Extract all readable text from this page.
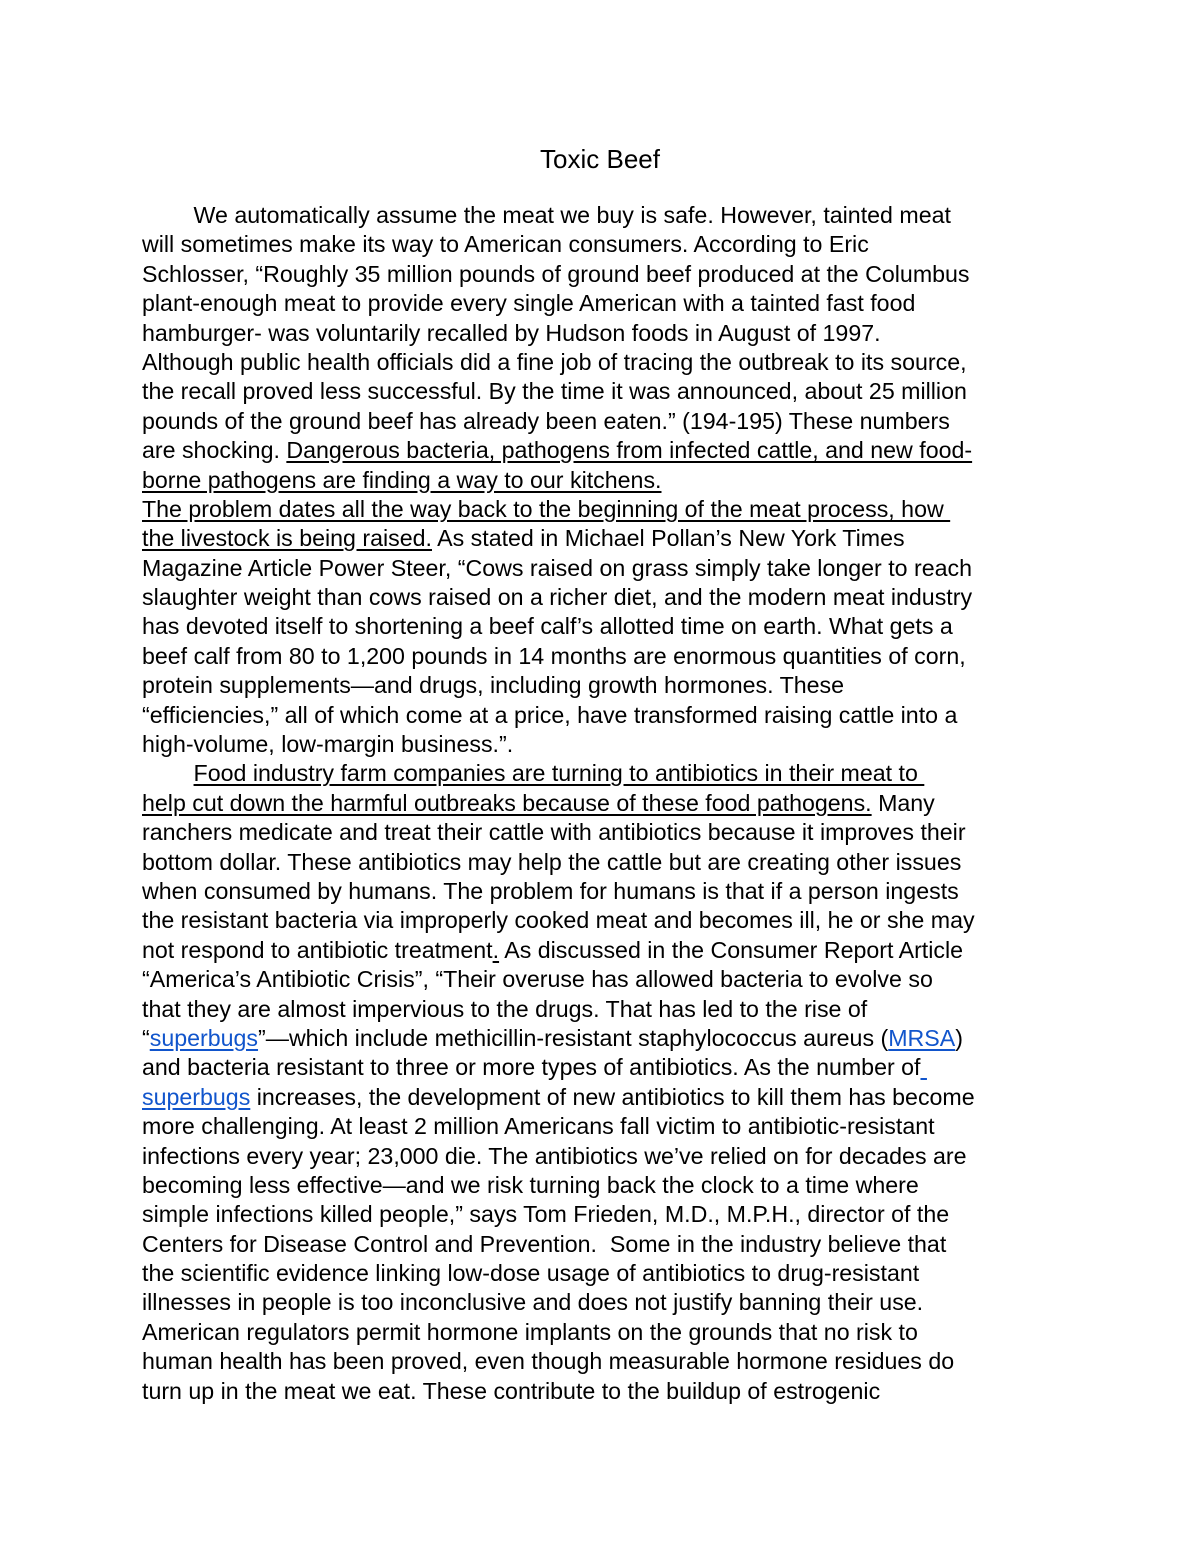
Toxic Beef
We automatically assume the meat we buy is safe. However, tainted meat
will sometimes make its way to American consumers. According to Eric
Schlosser, “Roughly 35 million pounds of ground beef produced at the Columbus
plant-enough meat to provide every single American with a tainted fast food
hamburger- was voluntarily recalled by Hudson foods in August of 1997.
Although public health officials did a fine job of tracing the outbreak to its source,
the recall proved less successful. By the time it was announced, about 25 million
pounds of the ground beef has already been eaten.” (194-195) These numbers
are shocking. Dangerous bacteria, pathogens from infected cattle, and new food-
borne pathogens are finding a way to our kitchens.
The problem dates all the way back to the beginning of the meat process, how
the livestock is being raised. As stated in Michael Pollan’s New York Times
Magazine Article Power Steer, “Cows raised on grass simply take longer to reach
slaughter weight than cows raised on a richer diet, and the modern meat industry
has devoted itself to shortening a beef calf’s allotted time on earth. What gets a
beef calf from 80 to 1,200 pounds in 14 months are enormous quantities of corn,
protein supplements—and drugs, including growth hormones. These
“efficiencies,” all of which come at a price, have transformed raising cattle into a
high-volume, low-margin business.”.
Food industry farm companies are turning to antibiotics in their meat to
help cut down the harmful outbreaks because of these food pathogens. Many
ranchers medicate and treat their cattle with antibiotics because it improves their
bottom dollar. These antibiotics may help the cattle but are creating other issues
when consumed by humans. The problem for humans is that if a person ingests
the resistant bacteria via improperly cooked meat and becomes ill, he or she may
not respond to antibiotic treatment. As discussed in the Consumer Report Article
“America’s Antibiotic Crisis”, “Their overuse has allowed bacteria to evolve so
that they are almost impervious to the drugs. That has led to the rise of
“superbugs”—which include methicillin-resistant staphylococcus aureus (MRSA)
and bacteria resistant to three or more types of antibiotics. As the number of
superbugs increases, the development of new antibiotics to kill them has become
more challenging. At least 2 million Americans fall victim to antibiotic-resistant
infections every year; 23,000 die. The antibiotics we’ve relied on for decades are
becoming less effective—and we risk turning back the clock to a time where
simple infections killed people,” says Tom Frieden, M.D., M.P.H., director of the
Centers for Disease Control and Prevention.  Some in the industry believe that
the scientific evidence linking low-dose usage of antibiotics to drug-resistant
illnesses in people is too inconclusive and does not justify banning their use.
American regulators permit hormone implants on the grounds that no risk to
human health has been proved, even though measurable hormone residues do
turn up in the meat we eat. These contribute to the buildup of estrogenic
